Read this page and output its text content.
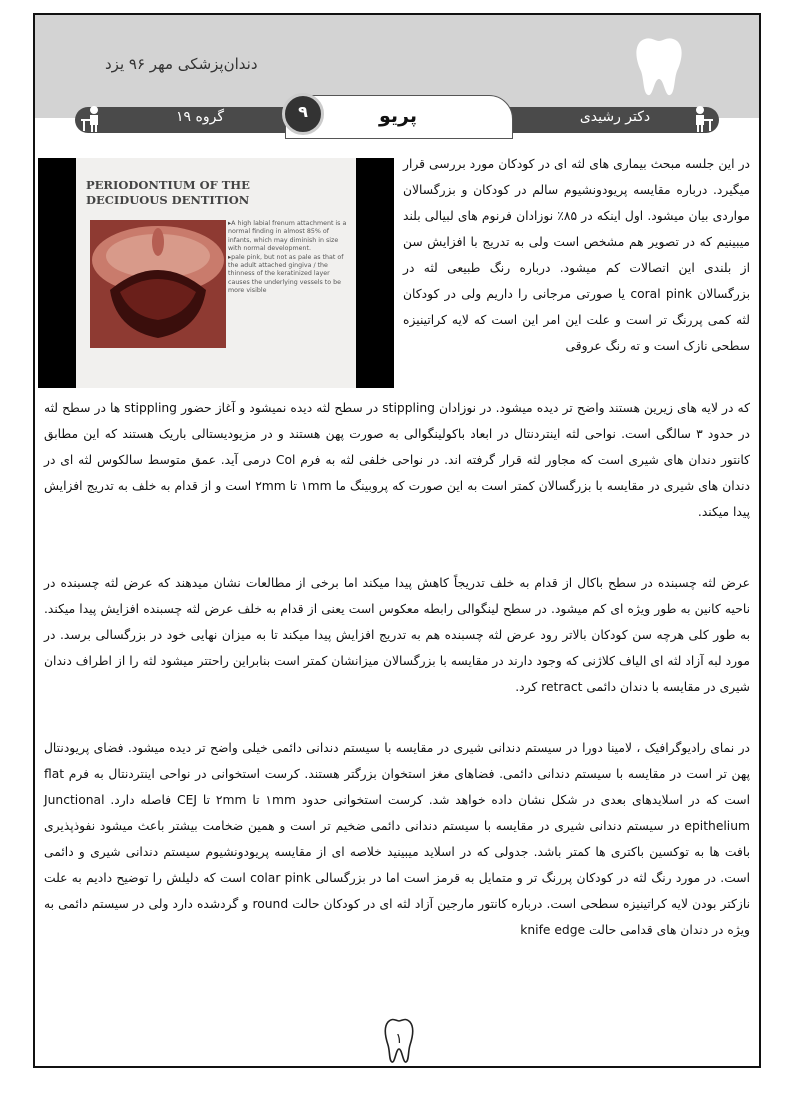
دندان‌پزشکی مهر ۹۶ یزد
گروه ۱۹	دکتر رشیدی
پریو
۹
PERIODONTIUM OF THE DECIDUOUS DENTITION
▸ A high labial frenum attachment is a normal finding in almost 85% of infants, which may diminish in size with normal development.
▸ pale pink, but not as pale as that of the adult attached gingiva / the thinness of the keratinized layer causes the underlying vessels to be more visible
در این جلسه مبحث بیماری های لثه ای در کودکان مورد بررسی قرار میگیرد. درباره مقایسه پریودونشیوم سالم در کودکان و بزرگسالان مواردی بیان میشود. اول اینکه در ۸۵٪ نوزادان فرنوم های لبیالی بلند میبینیم که در تصویر هم مشخص است ولی به تدریج با افزایش سن از بلندی این اتصالات کم میشود. درباره رنگ طبیعی لثه در بزرگسالان coral pink یا صورتی مرجانی را داریم ولی در کودکان لثه کمی پررنگ تر است و علت این امر این است که لایه کراتینیزه سطحی نازک است و ته رنگ عروقی
که در لایه های زیرین هستند واضح تر دیده میشود. در نوزادان stippling در سطح لثه دیده نمیشود و آغاز حضور stippling ها در سطح لثه در حدود ۳ سالگی است. نواحی لثه اینتردنتال در ابعاد باکولینگوالی به صورت پهن هستند و در مزیودیستالی باریک هستند که این مطابق کانتور دندان های شیری است که مجاور لثه قرار گرفته اند. در نواحی خلفی لثه به فرم Col درمی آید. عمق متوسط سالکوس لثه ای در دندان های شیری در مقایسه با بزرگسالان کمتر است به این صورت که پروبینگ ما ۱mm تا ۲mm است و از قدام به خلف به تدریج افزایش پیدا میکند.
عرض لثه چسبنده در سطح باکال از قدام به خلف تدریجاً کاهش پیدا میکند اما برخی از مطالعات نشان میدهند که عرض لثه چسبنده در ناحیه کانین به طور ویژه ای کم میشود. در سطح لینگوالی رابطه معکوس است یعنی از قدام به خلف عرض لثه چسبنده افزایش پیدا میکند. به طور کلی هرچه سن کودکان بالاتر رود عرض لثه چسبنده هم به تدریج افزایش پیدا میکند تا به میزان نهایی خود در بزرگسالی برسد. در مورد لبه آزاد لثه ای الیاف کلاژنی که وجود دارند در مقایسه با بزرگسالان میزانشان کمتر است بنابراین راحتتر میشود لثه را از اطراف دندان شیری در مقایسه با دندان دائمی retract کرد.
در نمای رادیوگرافیک ، لامینا دورا در سیستم دندانی شیری در مقایسه با سیستم دندانی دائمی خیلی واضح تر دیده میشود. فضای پریودنتال پهن تر است در مقایسه با سیستم دندانی دائمی. فضاهای مغز استخوان بزرگتر هستند. کرست استخوانی در نواحی اینتردنتال به فرم flat است که در اسلایدهای بعدی در شکل نشان داده خواهد شد. کرست استخوانی حدود ۱mm تا ۲mm تا CEJ فاصله دارد. Junctional epithelium در سیستم دندانی شیری در مقایسه با سیستم دندانی دائمی ضخیم تر است و همین ضخامت بیشتر باعث میشود نفوذپذیری بافت ها به توکسین باکتری ها کمتر باشد. جدولی که در اسلاید میبینید خلاصه ای از مقایسه پریودونشیوم سیستم دندانی شیری و دائمی است. در مورد رنگ لثه در کودکان پررنگ تر و متمایل به قرمز است اما در بزرگسالی colar pink است که دلیلش را توضیح دادیم به علت نازکتر بودن لایه کراتینیزه سطحی است. درباره کانتور مارجین آزاد لثه ای در کودکان حالت round و گردشده دارد ولی در سیستم دائمی به ویژه در دندان های قدامی حالت knife edge
۱
